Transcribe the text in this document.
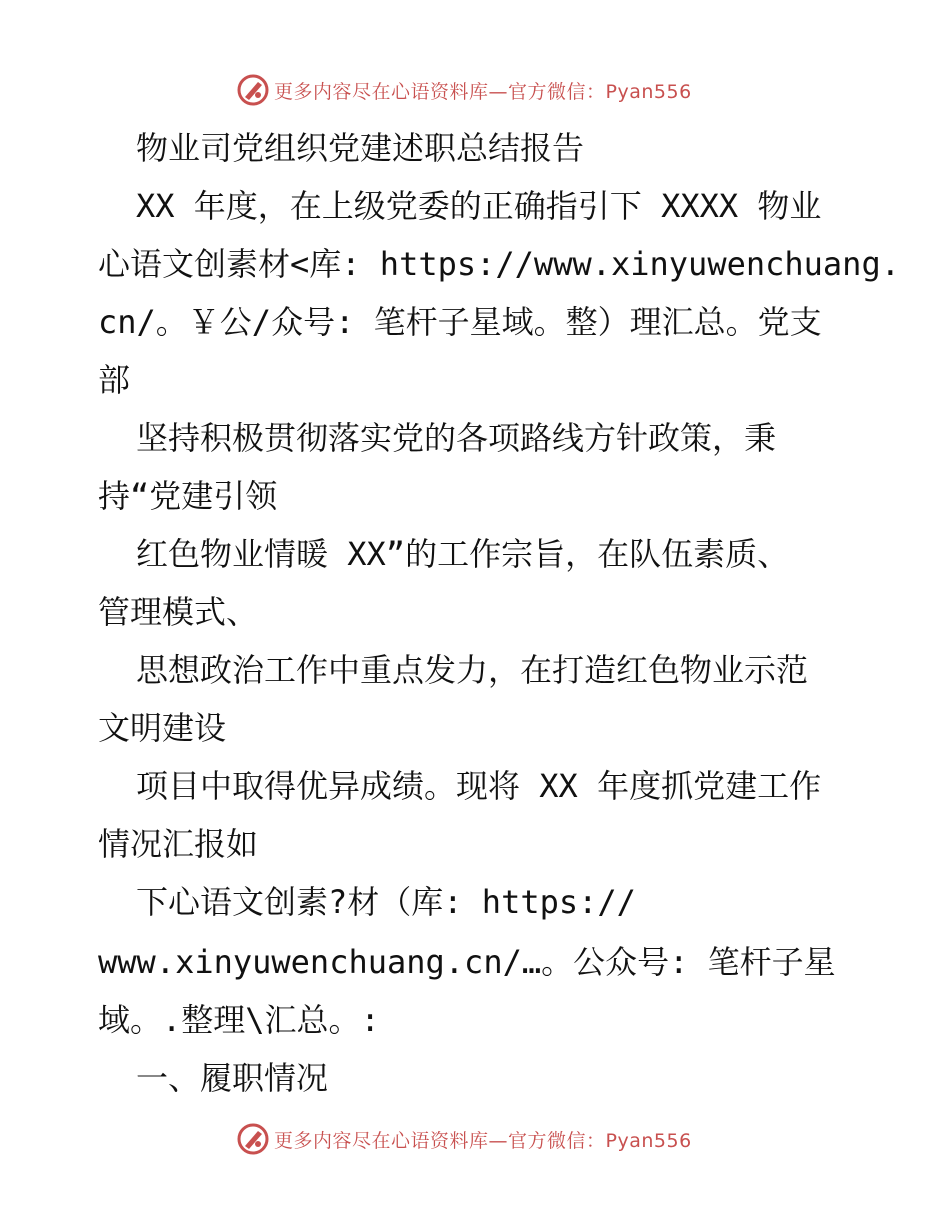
更多内容尽在心语资料库—官方微信：Pyan556
物业司党组织党建述职总结报告
XX 年度，在上级党委的正确指引下 XXXX 物业
心语文创素材<库: https://www.xinyuwenchuang.
cn/。￥公/众号: 笔杆子星域。整）理汇总。党支
部
坚持积极贯彻落实党的各项路线方针政策，秉
持“党建引领
红色物业情暖 XX”的工作宗旨，在队伍素质、
管理模式、
思想政治工作中重点发力，在打造红色物业示范
文明建设
项目中取得优异成绩。现将 XX 年度抓党建工作
情况汇报如
下心语文创素?材（库: https://
www.xinyuwenchuang.cn/…。公众号: 笔杆子星
域。.整理\汇总。:
一、履职情况
更多内容尽在心语资料库—官方微信：Pyan556
